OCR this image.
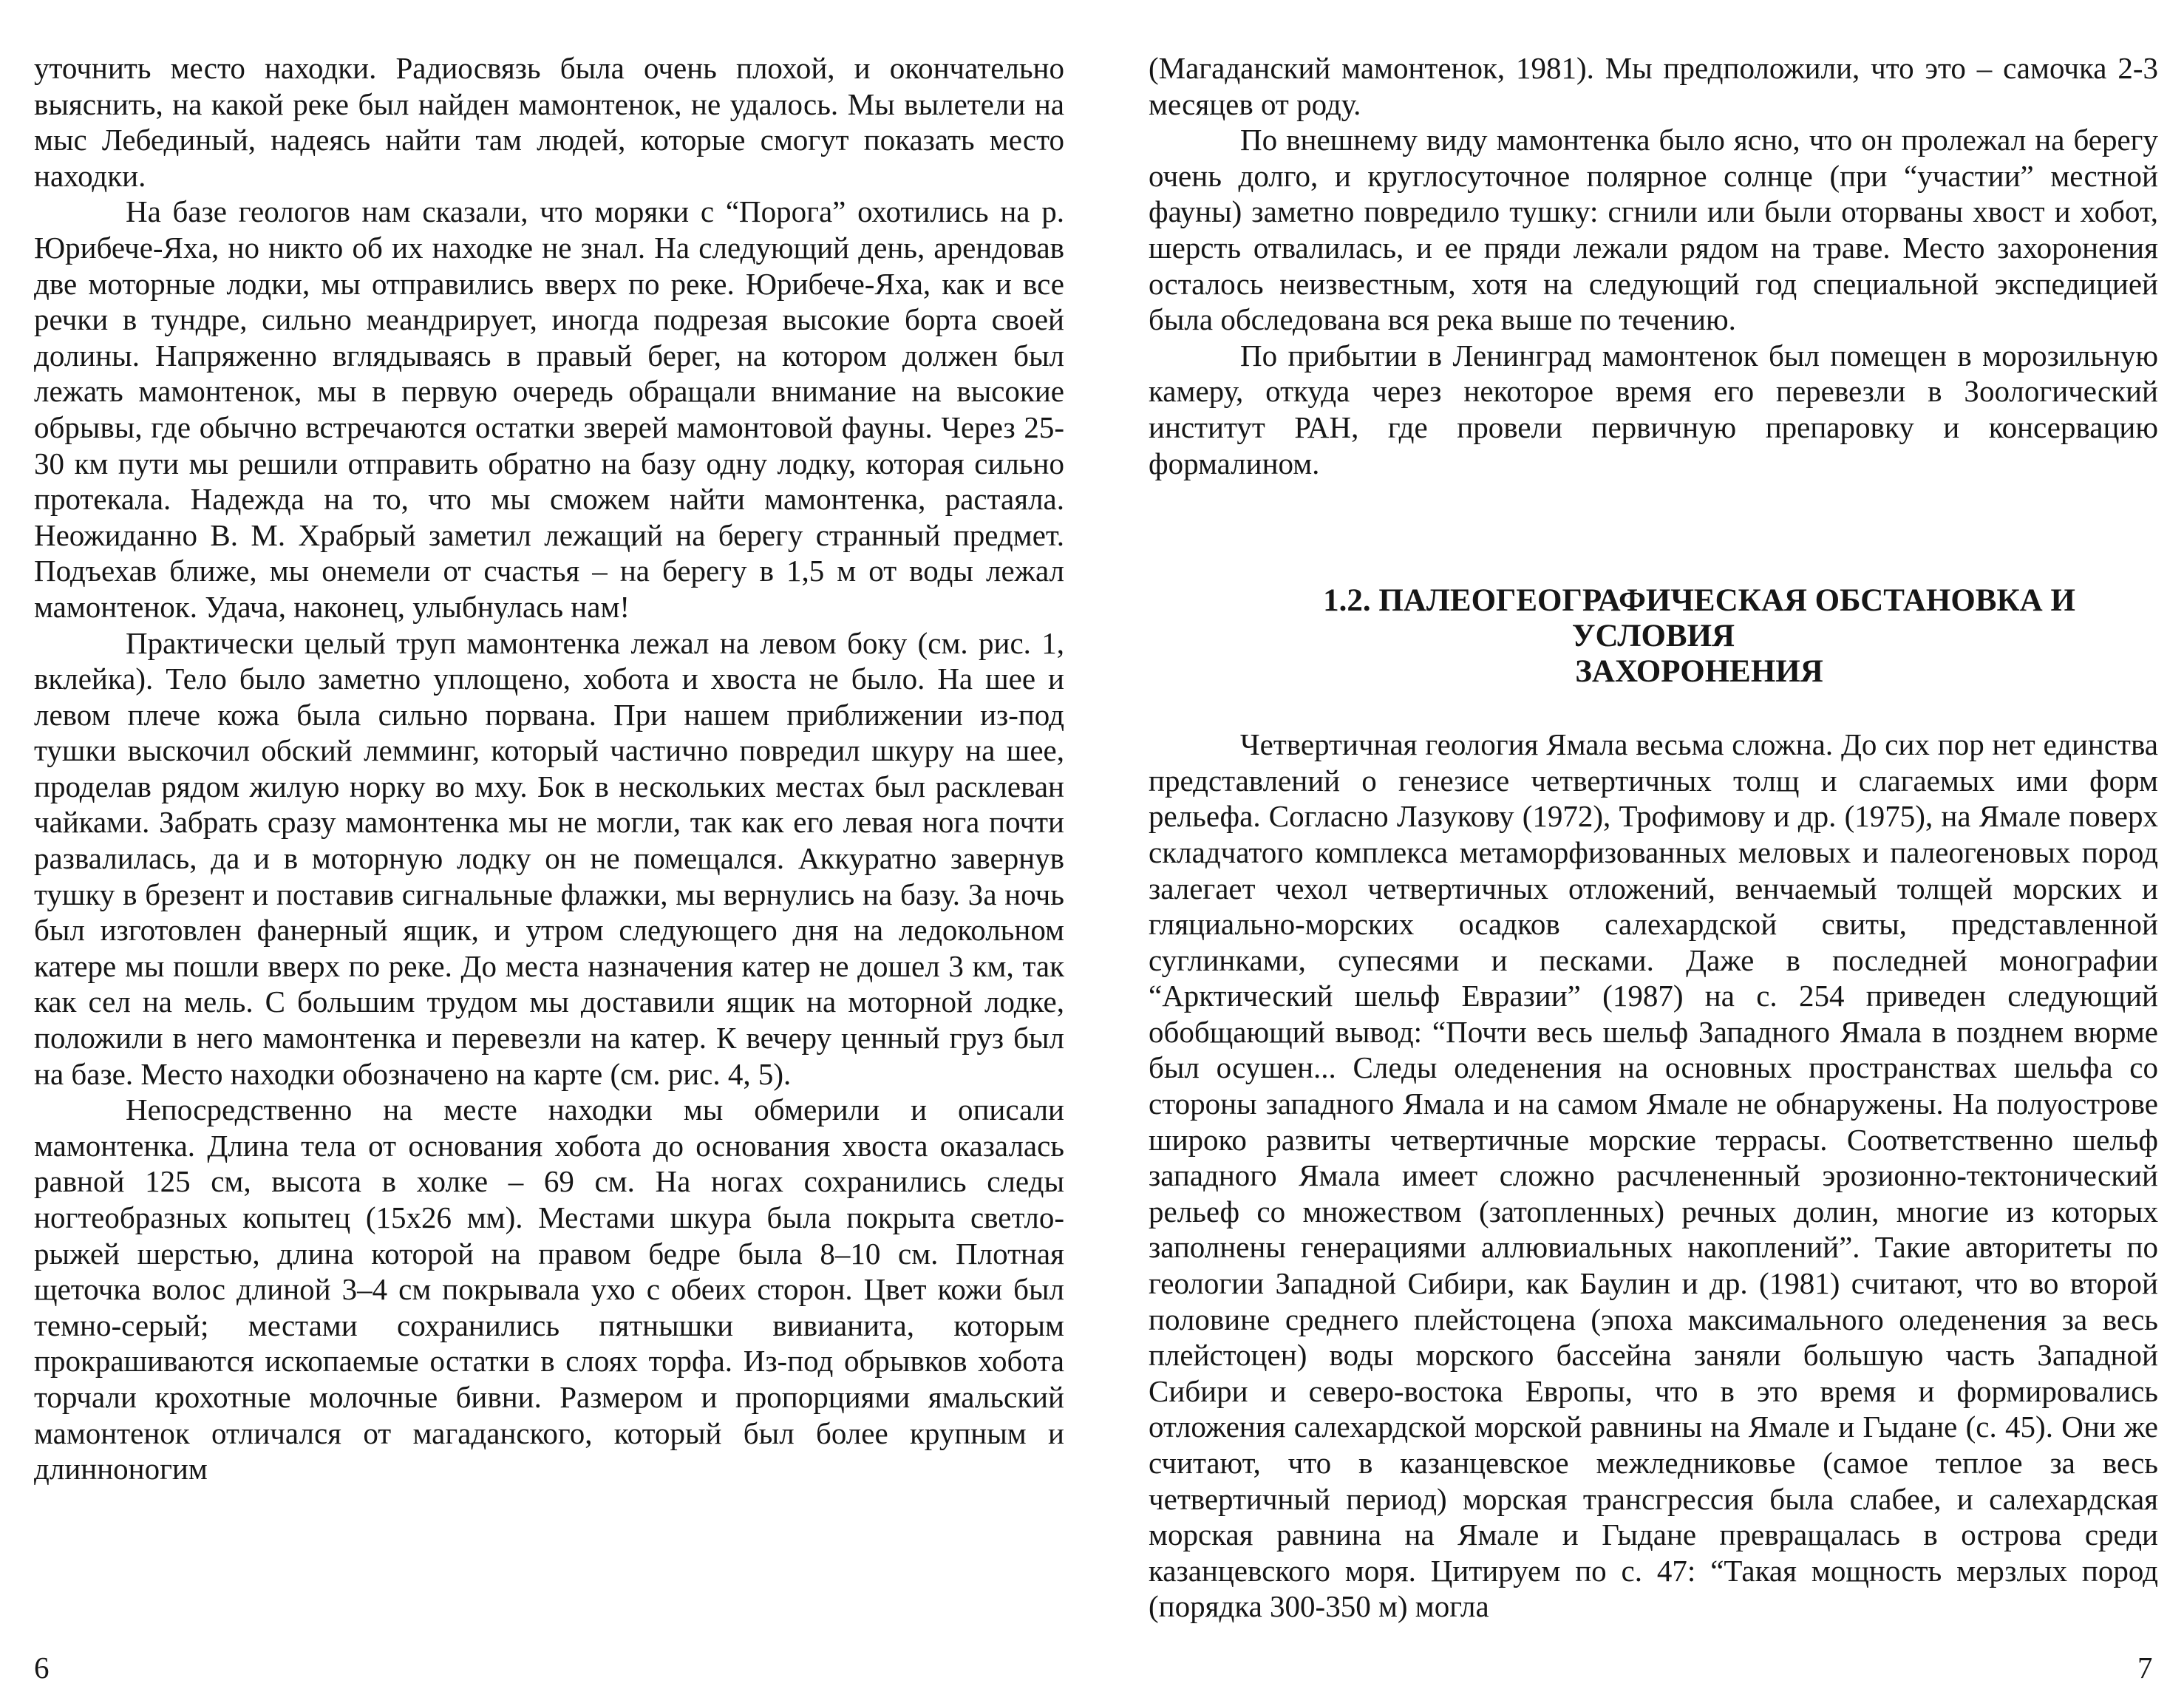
уточнить место находки. Радиосвязь была очень плохой, и окончательно выяснить, на какой реке был найден мамонтенок, не удалось. Мы вылетели на мыс Лебединый, надеясь найти там людей, которые смогут показать место находки.

На базе геологов нам сказали, что моряки с “Порога” охотились на р. Юрибече-Яха, но никто об их находке не знал. На следующий день, арендовав две моторные лодки, мы отправились вверх по реке. Юрибече-Яха, как и все речки в тундре, сильно меандрирует, иногда подрезая высокие борта своей долины. Напряженно вглядываясь в правый берег, на котором должен был лежать мамонтенок, мы в первую очередь обращали внимание на высокие обрывы, где обычно встречаются остатки зверей мамонтовой фауны. Через 25-30 км пути мы решили отправить обратно на базу одну лодку, которая сильно протекала. Надежда на то, что мы сможем найти мамонтенка, растаяла. Неожиданно В. М. Храбрый заметил лежащий на берегу странный предмет. Подъехав ближе, мы онемели от счастья – на берегу в 1,5 м от воды лежал мамонтенок. Удача, наконец, улыбнулась нам!

Практически целый труп мамонтенка лежал на левом боку (см. рис. 1, вклейка). Тело было заметно уплощено, хобота и хвоста не было. На шее и левом плече кожа была сильно порвана. При нашем приближении из-под тушки выскочил обский лемминг, который частично повредил шкуру на шее, проделав рядом жилую норку во мху. Бок в нескольких местах был расклеван чайками. Забрать сразу мамонтенка мы не могли, так как его левая нога почти развалилась, да и в моторную лодку он не помещался. Аккуратно завернув тушку в брезент и поставив сигнальные флажки, мы вернулись на базу. За ночь был изготовлен фанерный ящик, и утром следующего дня на ледокольном катере мы пошли вверх по реке. До места назначения катер не дошел 3 км, так как сел на мель. С большим трудом мы доставили ящик на моторной лодке, положили в него мамонтенка и перевезли на катер. К вечеру ценный груз был на базе. Место находки обозначено на карте (см. рис. 4, 5).

Непосредственно на месте находки мы обмерили и описали мамонтенка. Длина тела от основания хобота до основания хвоста оказалась равной 125 см, высота в холке – 69 см. На ногах сохранились следы ногтеобразных копытец (15x26 мм). Местами шкура была покрыта светло-рыжей шерстью, длина которой на правом бедре была 8–10 см. Плотная щеточка волос длиной 3–4 см покрывала ухо с обеих сторон. Цвет кожи был темно-серый; местами сохранились пятнышки вивианита, которым прокрашиваются ископаемые остатки в слоях торфа. Из-под обрывков хобота торчали крохотные молочные бивни. Размером и пропорциями ямальский мамонтенок отличался от магаданского, который был более крупным и длинноногим

6

(Магаданский мамонтенок, 1981). Мы предположили, что это – самочка 2-3 месяцев от роду.

По внешнему виду мамонтенка было ясно, что он пролежал на берегу очень долго, и круглосуточное полярное солнце (при “участии” местной фауны) заметно повредило тушку: сгнили или были оторваны хвост и хобот, шерсть отвалилась, и ее пряди лежали рядом на траве. Место захоронения осталось неизвестным, хотя на следующий год специальной экспедицией была обследована вся река выше по течению.

По прибытии в Ленинград мамонтенок был помещен в морозильную камеру, откуда через некоторое время его перевезли в Зоологический институт РАН, где провели первичную препаровку и консервацию формалином.

1.2. ПАЛЕОГЕОГРАФИЧЕСКАЯ ОБСТАНОВКА И УСЛОВИЯ

ЗАХОРОНЕНИЯ

Четвертичная геология Ямала весьма сложна. До сих пор нет единства представлений о генезисе четвертичных толщ и слагаемых ими форм рельефа. Согласно Лазукову (1972), Трофимову и др. (1975), на Ямале поверх складчатого комплекса метаморфизованных меловых и палеогеновых пород залегает чехол четвертичных отложений, венчаемый толщей морских и гляциально-морских осадков салехардской свиты, представленной суглинками, супесями и песками. Даже в последней монографии “Арктический шельф Евразии” (1987) на с. 254 приведен следующий обобщающий вывод: “Почти весь шельф Западного Ямала в позднем вюрме был осушен... Следы оледенения на основных пространствах шельфа со стороны западного Ямала и на самом Ямале не обнаружены. На полуострове широко развиты четвертичные морские террасы. Соответственно шельф западного Ямала имеет сложно расчлененный эрозионно-тектонический рельеф со множеством (затопленных) речных долин, многие из которых заполнены генерациями аллювиальных накоплений”. Такие авторитеты по геологии Западной Сибири, как Баулин и др. (1981) считают, что во второй половине среднего плейстоцена (эпоха максимального оледенения за весь плейстоцен) воды морского бассейна заняли большую часть Западной Сибири и северо-востока Европы, что в это время и формировались отложения салехардской морской равнины на Ямале и Гыдане (с. 45). Они же считают, что в казанцевское межледниковье (самое теплое за весь четвертичный период) морская трансгрессия была слабее, и салехардская морская равнина на Ямале и Гыдане превращалась в острова среди казанцевского моря. Цитируем по с. 47: “Такая мощность мерзлых пород (порядка 300-350 м) могла

7
